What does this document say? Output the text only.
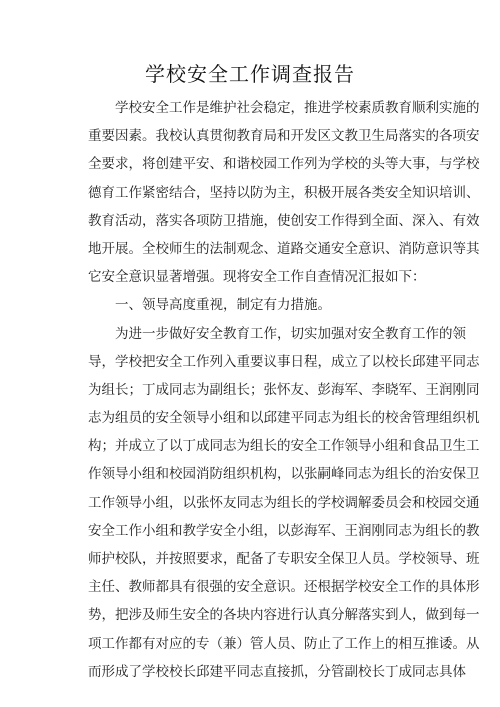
学校安全工作调查报告
学校安全工作是维护社会稳定，推进学校素质教育顺利实施的
重要因素。我校认真贯彻教育局和开发区文教卫生局落实的各项安
全要求，将创建平安、和谐校园工作列为学校的头等大事，与学校
德育工作紧密结合，坚持以防为主，积极开展各类安全知识培训、
教育活动，落实各项防卫措施，使创安工作得到全面、深入、有效
地开展。全校师生的法制观念、道路交通安全意识、消防意识等其
它安全意识显著增强。现将安全工作自查情况汇报如下：
一、领导高度重视，制定有力措施。
为进一步做好安全教育工作，切实加强对安全教育工作的领
导，学校把安全工作列入重要议事日程，成立了以校长邱建平同志
为组长；丁成同志为副组长；张怀友、彭海军、李晓军、王润刚同
志为组员的安全领导小组和以邱建平同志为组长的校舍管理组织机
构；并成立了以丁成同志为组长的安全工作领导小组和食品卫生工
作领导小组和校园消防组织机构，以张嗣峰同志为组长的治安保卫
工作领导小组，以张怀友同志为组长的学校调解委员会和校园交通
安全工作小组和教学安全小组，以彭海军、王润刚同志为组长的教
师护校队，并按照要求，配备了专职安全保卫人员。学校领导、班
主任、教师都具有很强的安全意识。还根据学校安全工作的具体形
势，把涉及师生安全的各块内容进行认真分解落实到人，做到每一
项工作都有对应的专（兼）管人员、防止了工作上的相互推诿。从
而形成了学校校长邱建平同志直接抓，分管副校长丁成同志具体
